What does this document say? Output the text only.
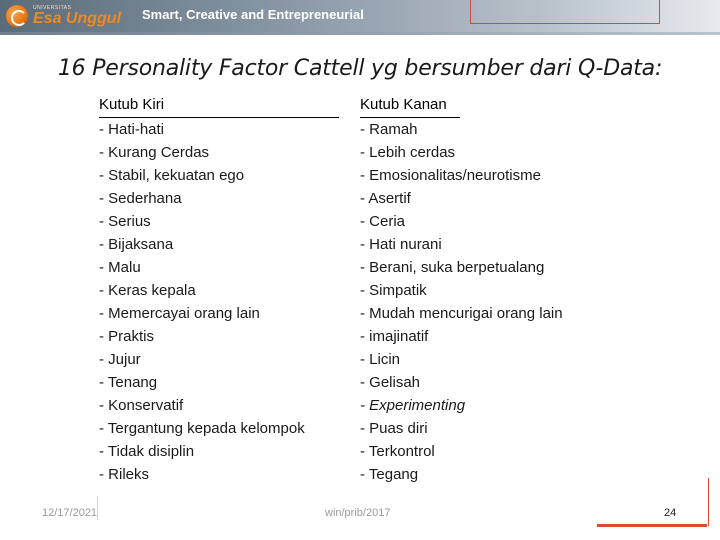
UNIVERSITAS
Esa Unggul Smart, Creative and Entrepreneurial
16 Personality Factor Cattell yg bersumber dari Q-Data:
Kutub Kiri
- Hati-hati
- Kurang Cerdas
- Stabil, kekuatan ego
- Sederhana
- Serius
- Bijaksana
- Malu
- Keras kepala
- Memercayai orang lain
- Praktis
- Jujur
- Tenang
- Konservatif
- Tergantung kepada kelompok
- Tidak disiplin
- Rileks
Kutub Kanan
- Ramah
- Lebih cerdas
- Emosionalitas/neurotisme
- Asertif
- Ceria
- Hati nurani
- Berani, suka berpetualang
- Simpatik
- Mudah mencurigai orang lain
- imajinatif
- Licin
- Gelisah
- Experimenting
- Puas diri
- Terkontrol
- Tegang
12/17/2021	win/prib/2017	24
